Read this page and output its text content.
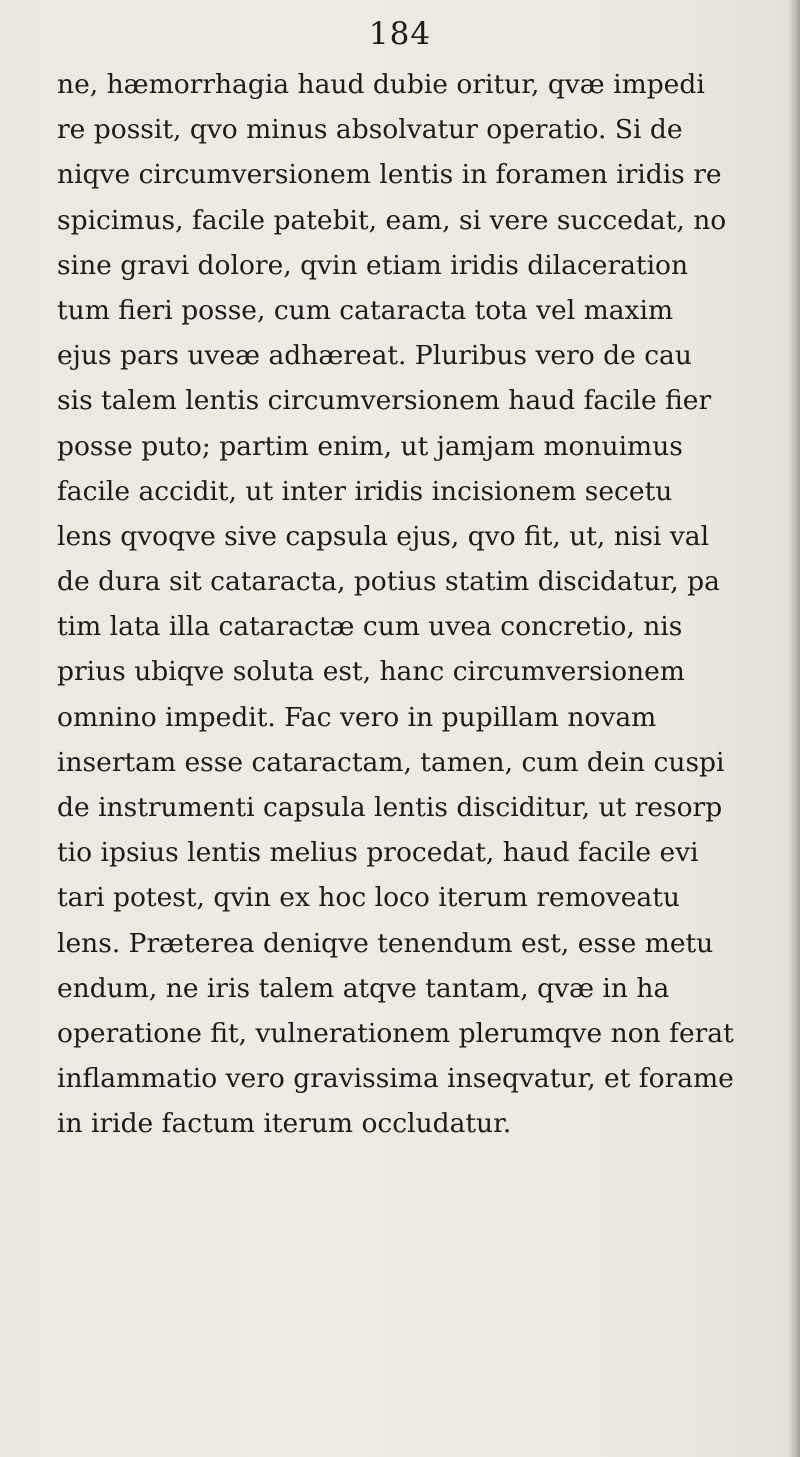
184
ne, hæmorrhagia haud dubie oritur, qvæ impedi
re possit, qvo minus absolvatur operatio. Si de
niqve circumversionem lentis in foramen iridis re
spicimus, facile patebit, eam, si vere succedat, no
sine gravi dolore, qvin etiam iridis dilaceration
tum fieri posse, cum cataracta tota vel maxim
ejus pars uveæ adhæreat. Pluribus vero de cau
sis talem lentis circumversionem haud facile fier
posse puto; partim enim, ut jamjam monuimus
facile accidit, ut inter iridis incisionem secetu
lens qvoqve sive capsula ejus, qvo fit, ut, nisi val
de dura sit cataracta, potius statim discidatur, pa
tim lata illa cataractæ cum uvea concretio, nis
prius ubiqve soluta est, hanc circumversionem
omnino impedit. Fac vero in pupillam novam
insertam esse cataractam, tamen, cum dein cuspi
de instrumenti capsula lentis disciditur, ut resorp
tio ipsius lentis melius procedat, haud facile evi
tari potest, qvin ex hoc loco iterum removeatu
lens. Præterea deniqve tenendum est, esse metu
endum, ne iris talem atqve tantam, qvæ in ha
operatione fit, vulnerationem plerumqve non ferat
inflammatio vero gravissima inseqvatur, et forame
in iride factum iterum occludatur.
